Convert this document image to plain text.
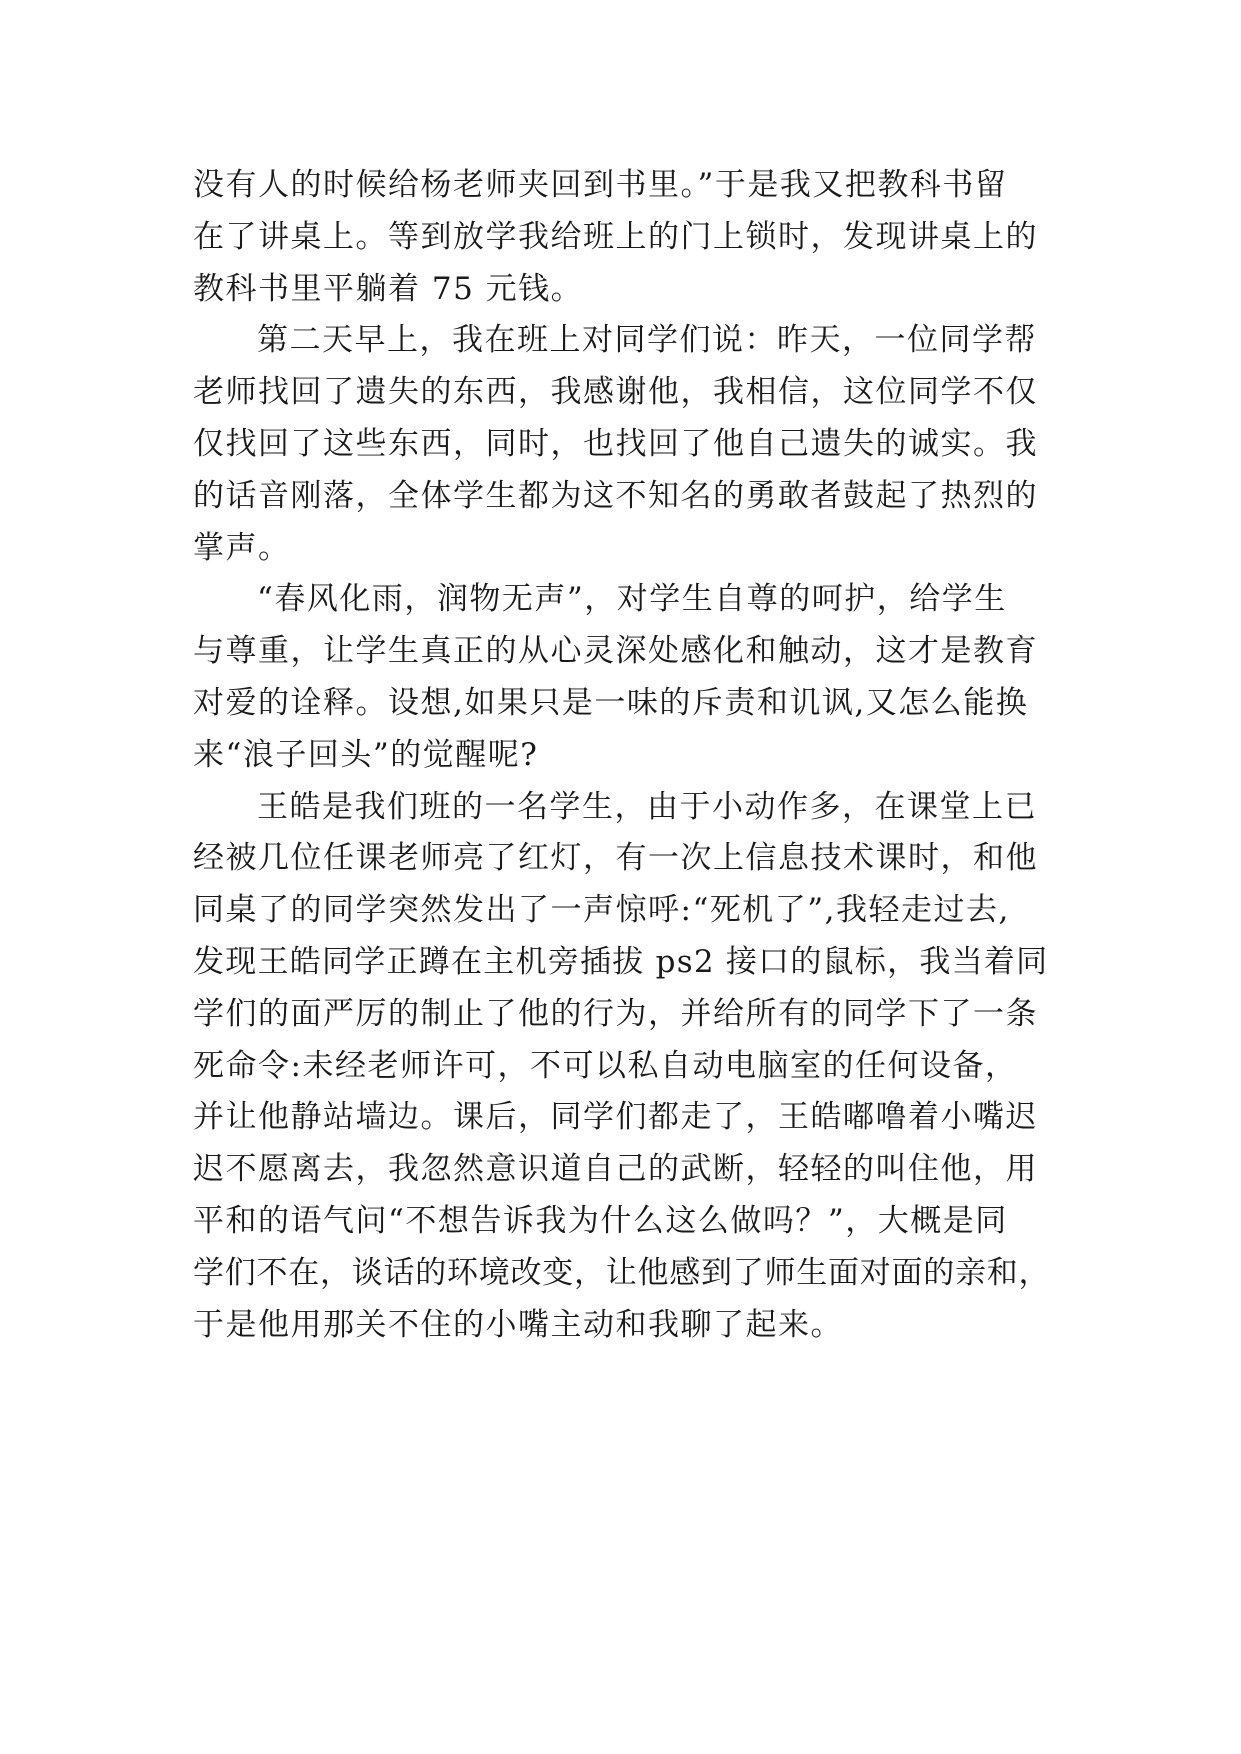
没有人的时候给杨老师夹回到书里。”于是我又把教科书留
在了讲桌上。等到放学我给班上的门上锁时，发现讲桌上的
教科书里平躺着 75 元钱。
第二天早上，我在班上对同学们说：昨天，一位同学帮
老师找回了遗失的东西，我感谢他，我相信，这位同学不仅
仅找回了这些东西，同时，也找回了他自己遗失的诚实。我
的话音刚落，全体学生都为这不知名的勇敢者鼓起了热烈的
掌声。
“春风化雨，润物无声”，对学生自尊的呵护，给学生
与尊重，让学生真正的从心灵深处感化和触动，这才是教育
对爱的诠释。设想,如果只是一味的斥责和讥讽,又怎么能换
来“浪子回头”的觉醒呢?
王皓是我们班的一名学生，由于小动作多，在课堂上已
经被几位任课老师亮了红灯，有一次上信息技术课时，和他
同桌了的同学突然发出了一声惊呼:“死机了”,我轻走过去,
发现王皓同学正蹲在主机旁插拔 ps2 接口的鼠标，我当着同
学们的面严厉的制止了他的行为，并给所有的同学下了一条
死命令:未经老师许可，不可以私自动电脑室的任何设备，
并让他静站墙边。课后，同学们都走了，王皓嘟噜着小嘴迟
迟不愿离去，我忽然意识道自己的武断，轻轻的叫住他，用
平和的语气问“不想告诉我为什么这么做吗？”，大概是同
学们不在，谈话的环境改变，让他感到了师生面对面的亲和，
于是他用那关不住的小嘴主动和我聊了起来。
